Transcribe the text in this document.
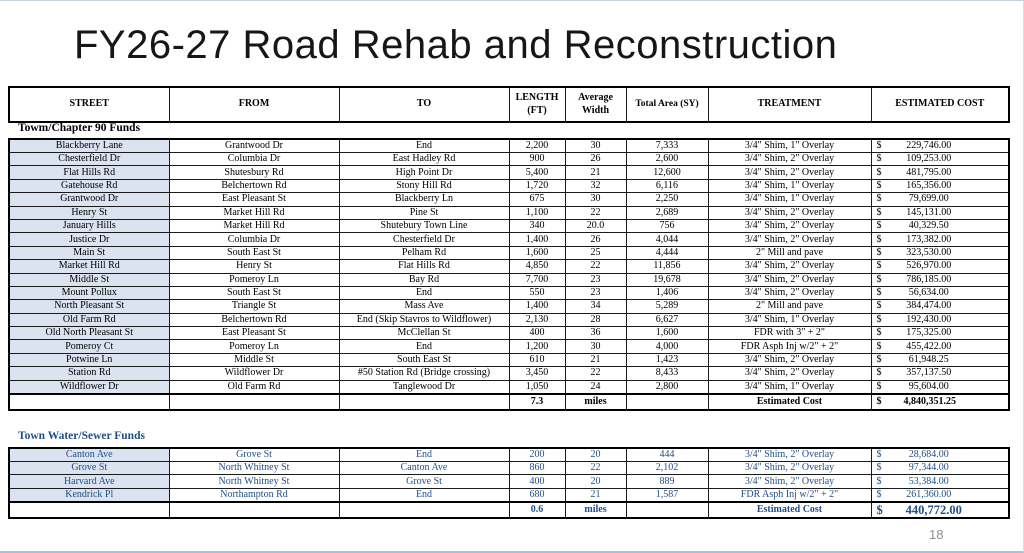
FY26-27 Road Rehab and Reconstruction
STREET	FROM	TO	LENGTH (FT)	Average Width	Total Area (SY)	TREATMENT	ESTIMATED COST
Towm/Chapter 90 Funds
Blackberry Lane	Grantwood Dr	End	2,200	30	7,333	3/4" Shim, 1" Overlay	$ 229,746.00
Chesterfield Dr	Columbia Dr	East Hadley Rd	900	26	2,600	3/4" Shim, 2" Overlay	$ 109,253.00
Flat Hills Rd	Shutesbury Rd	High Point Dr	5,400	21	12,600	3/4" Shim, 2" Overlay	$ 481,795.00
Gatehouse Rd	Belchertown Rd	Stony Hill Rd	1,720	32	6,116	3/4" Shim, 1" Overlay	$ 165,356.00
Grantwood Dr	East Pleasant St	Blackberry Ln	675	30	2,250	3/4" Shim, 1" Overlay	$ 79,699.00
Henry St	Market Hill Rd	Pine St	1,100	22	2,689	3/4" Shim, 2" Overlay	$ 145,131.00
January Hills	Market Hill Rd	Shutebury Town Line	340	20.0	756	3/4" Shim, 2" Overlay	$ 40,329.50
Justice Dr	Columbia Dr	Chesterfield Dr	1,400	26	4,044	3/4" Shim, 2" Overlay	$ 173,382.00
Main St	South East St	Pelham Rd	1,600	25	4,444	2" Mill and pave	$ 323,530.00
Market Hill Rd	Henry St	Flat Hills Rd	4,850	22	11,856	3/4" Shim, 2" Overlay	$ 526,970.00
Middle St	Pomeroy Ln	Bay Rd	7,700	23	19,678	3/4" Shim, 2" Overlay	$ 786,185.00
Mount Pollux	South East St	End	550	23	1,406	3/4" Shim, 2" Overlay	$ 56,634.00
North Pleasant St	Triangle St	Mass Ave	1,400	34	5,289	2" Mill and pave	$ 384,474.00
Old Farm Rd	Belchertown Rd	End (Skip Stavros to Wildflower)	2,130	28	6,627	3/4" Shim, 1" Overlay	$ 192,430.00
Old North Pleasant St	East Pleasant St	McClellan St	400	36	1,600	FDR with 3" + 2"	$ 175,325.00
Pomeroy Ct	Pomeroy Ln	End	1,200	30	4,000	FDR Asph Inj w/2" + 2"	$ 455,422.00
Potwine Ln	Middle St	South East St	610	21	1,423	3/4" Shim, 2" Overlay	$ 61,948.25
Station Rd	Wildflower Dr	#50 Station Rd (Bridge crossing)	3,450	22	8,433	3/4" Shim, 2" Overlay	$ 357,137.50
Wildflower Dr	Old Farm Rd	Tanglewood Dr	1,050	24	2,800	3/4" Shim, 1" Overlay	$ 95,604.00
			7.3	miles		Estimated Cost	$ 4,840,351.25
Town Water/Sewer Funds
Canton Ave	Grove St	End	200	20	444	3/4" Shim, 2" Overlay	$ 28,684.00
Grove St	North Whitney St	Canton Ave	860	22	2,102	3/4" Shim, 2" Overlay	$ 97,344.00
Harvard Ave	North Whitney St	Grove St	400	20	889	3/4" Shim, 2" Overlay	$ 53,384.00
Kendrick Pl	Northampton Rd	End	680	21	1,587	FDR Asph Inj w/2" + 2"	$ 261,360.00
			0.6	miles		Estimated Cost	$ 440,772.00
18
